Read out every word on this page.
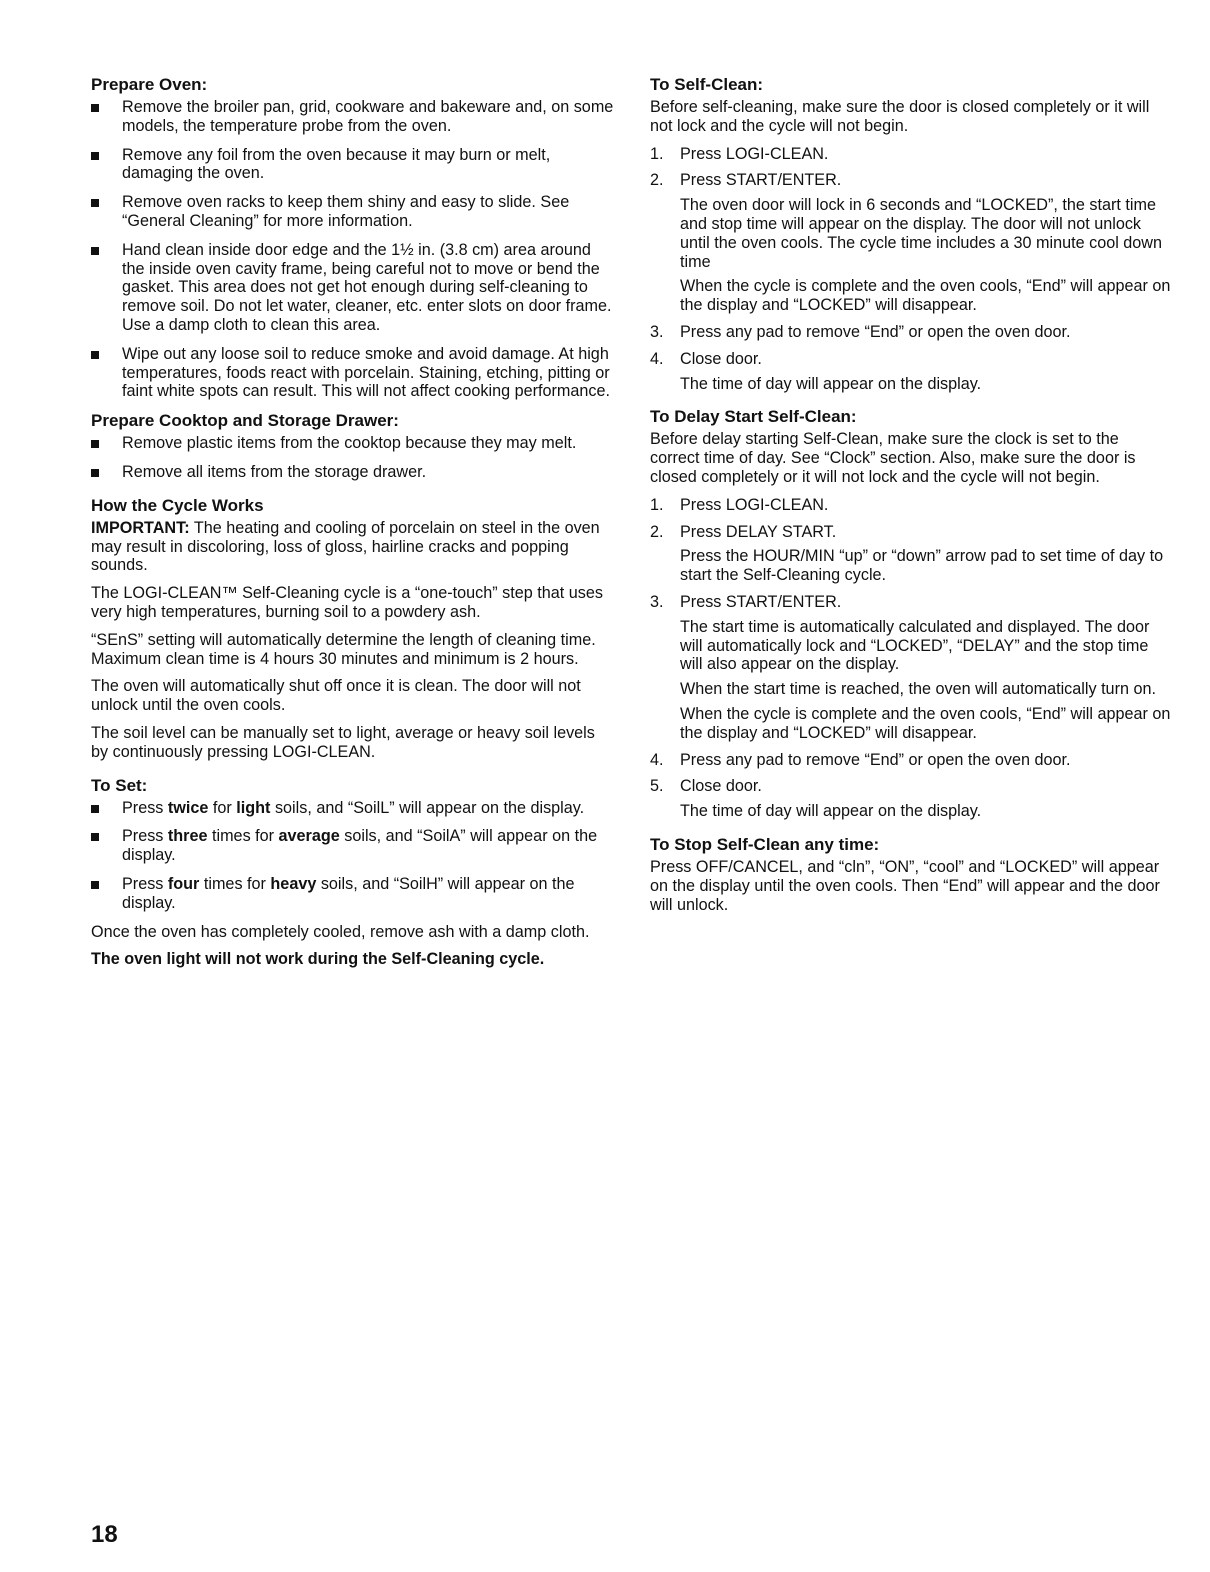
Prepare Oven:
Remove the broiler pan, grid, cookware and bakeware and, on some models, the temperature probe from the oven.
Remove any foil from the oven because it may burn or melt, damaging the oven.
Remove oven racks to keep them shiny and easy to slide. See “General Cleaning” for more information.
Hand clean inside door edge and the 1½ in. (3.8 cm) area around the inside oven cavity frame, being careful not to move or bend the gasket. This area does not get hot enough during self-cleaning to remove soil. Do not let water, cleaner, etc. enter slots on door frame. Use a damp cloth to clean this area.
Wipe out any loose soil to reduce smoke and avoid damage. At high temperatures, foods react with porcelain. Staining, etching, pitting or faint white spots can result. This will not affect cooking performance.
Prepare Cooktop and Storage Drawer:
Remove plastic items from the cooktop because they may melt.
Remove all items from the storage drawer.
How the Cycle Works

IMPORTANT: The heating and cooling of porcelain on steel in the oven may result in discoloring, loss of gloss, hairline cracks and popping sounds.

The LOGI-CLEAN™ Self-Cleaning cycle is a “one-touch” step that uses very high temperatures, burning soil to a powdery ash.

“SEnS” setting will automatically determine the length of cleaning time. Maximum clean time is 4 hours 30 minutes and minimum is 2 hours.

The oven will automatically shut off once it is clean. The door will not unlock until the oven cools.

The soil level can be manually set to light, average or heavy soil levels by continuously pressing LOGI-CLEAN.

To Set:
Press twice for light soils, and “SoilL” will appear on the display.
Press three times for average soils, and “SoilA” will appear on the display.
Press four times for heavy soils, and “SoilH” will appear on the display.

Once the oven has completely cooled, remove ash with a damp cloth.

The oven light will not work during the Self-Cleaning cycle.

To Self-Clean:

Before self-cleaning, make sure the door is closed completely or it will not lock and the cycle will not begin.

1. Press LOGI-CLEAN.
2. Press START/ENTER.

The oven door will lock in 6 seconds and “LOCKED”, the start time and stop time will appear on the display. The door will not unlock until the oven cools. The cycle time includes a 30 minute cool down time

When the cycle is complete and the oven cools, “End” will appear on the display and “LOCKED” will disappear.

3. Press any pad to remove “End” or open the oven door.
4. Close door.

The time of day will appear on the display.

To Delay Start Self-Clean:

Before delay starting Self-Clean, make sure the clock is set to the correct time of day. See “Clock” section. Also, make sure the door is closed completely or it will not lock and the cycle will not begin.

1. Press LOGI-CLEAN.
2. Press DELAY START.

Press the HOUR/MIN “up” or “down” arrow pad to set time of day to start the Self-Cleaning cycle.

3. Press START/ENTER.

The start time is automatically calculated and displayed. The door will automatically lock and “LOCKED”, “DELAY” and the stop time will also appear on the display.

When the start time is reached, the oven will automatically turn on.

When the cycle is complete and the oven cools, “End” will appear on the display and “LOCKED” will disappear.

4. Press any pad to remove “End” or open the oven door.
5. Close door.

The time of day will appear on the display.

To Stop Self-Clean any time:

Press OFF/CANCEL, and “cln”, “ON”, “cool” and “LOCKED” will appear on the display until the oven cools. Then “End” will appear and the door will unlock.

18
